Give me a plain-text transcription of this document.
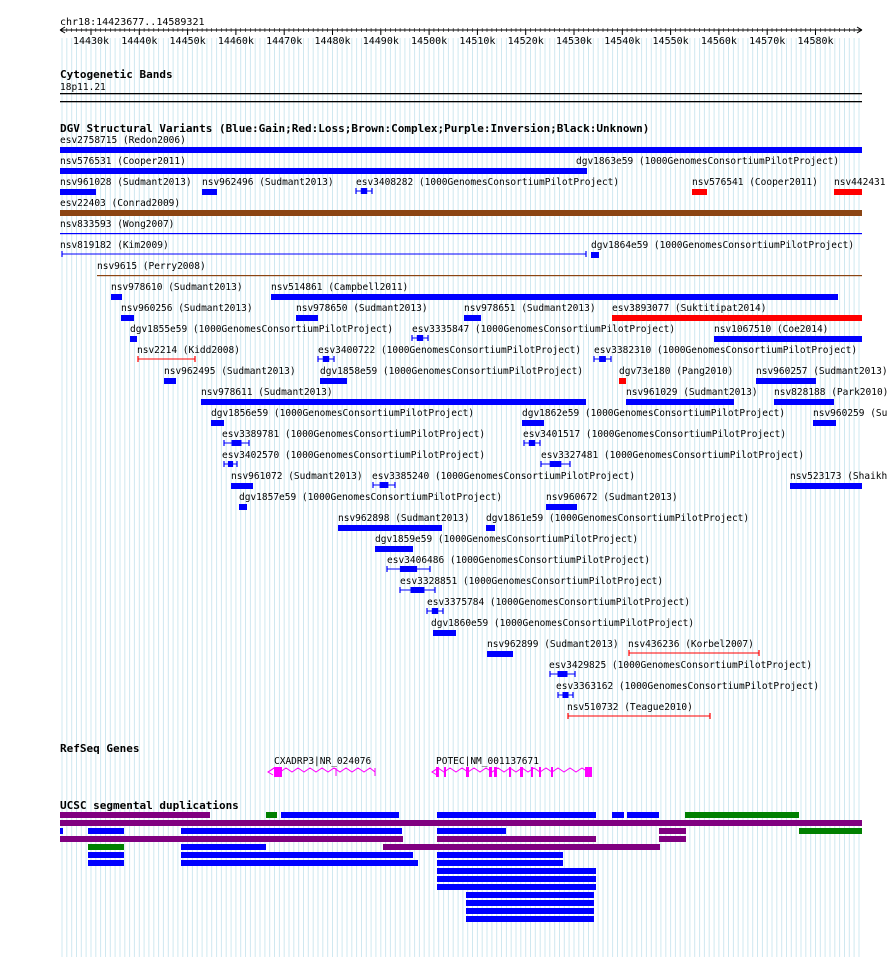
chr18:14423677..14589321
14430k 14440k 14450k 14460k 14470k 14480k 14490k 14500k 14510k 14520k 14530k 14540k 14550k 14560k 14570k 14580k
Cytogenetic Bands
18p11.21
DGV Structural Variants (Blue:Gain;Red:Loss;Brown:Complex;Purple:Inversion;Black:Unknown)
esv2758715 (Redon2006)
nsv576531 (Cooper2011)	dgv1863e59 (1000GenomesConsortiumPilotProject)
nsv961028 (Sudmant2013) nsv962496 (Sudmant2013) esv3408282 (1000GenomesConsortiumPilotProject)	nsv576541 (Cooper2011) nsv442431
esv22403 (Conrad2009)
nsv833593 (Wong2007)
nsv819182 (Kim2009)	dgv1864e59 (1000GenomesConsortiumPilotProject)
nsv9615 (Perry2008)
nsv978610 (Sudmant2013)	nsv514861 (Campbell2011)
nsv960256 (Sudmant2013)	nsv978650 (Sudmant2013)	nsv978651 (Sudmant2013) esv3893077 (Suktitipat2014)
dgv1855e59 (1000GenomesConsortiumPilotProject) esv3335847 (1000GenomesConsortiumPilotProject)	nsv1067510 (Coe2014)
nsv2214 (Kidd2008)	esv3400722 (1000GenomesConsortiumPilotProject) esv3382310 (1000GenomesConsortiumPilotProject)
nsv962495 (Sudmant2013)	dgv1858e59 (1000GenomesConsortiumPilotProject)	dgv73e180 (Pang2010) nsv960257 (Sudmant2013)
nsv978611 (Sudmant2013)	nsv961029 (Sudmant2013) nsv828188 (Park2010)
dgv1856e59 (1000GenomesConsortiumPilotProject)	dgv1862e59 (1000GenomesConsortiumPilotProject)	nsv960259 (Su
esv3389781 (1000GenomesConsortiumPilotProject)	esv3401517 (1000GenomesConsortiumPilotProject)
esv3402570 (1000GenomesConsortiumPilotProject)	esv3327481 (1000GenomesConsortiumPilotProject)
nsv961072 (Sudmant2013) esv3385240 (1000GenomesConsortiumPilotProject)	nsv523173 (Shaikh
dgv1857e59 (1000GenomesConsortiumPilotProject)	nsv960672 (Sudmant2013)
nsv962898 (Sudmant2013) dgv1861e59 (1000GenomesConsortiumPilotProject)
dgv1859e59 (1000GenomesConsortiumPilotProject)
esv3406486 (1000GenomesConsortiumPilotProject)
esv3328851 (1000GenomesConsortiumPilotProject)
esv3375784 (1000GenomesConsortiumPilotProject)
dgv1860e59 (1000GenomesConsortiumPilotProject)
nsv962899 (Sudmant2013) nsv436236 (Korbel2007)
esv3429825 (1000GenomesConsortiumPilotProject)
esv3363162 (1000GenomesConsortiumPilotProject)
nsv510732 (Teague2010)
RefSeq Genes
CXADRP3|NR_024076	POTEC|NM_001137671
UCSC segmental duplications
